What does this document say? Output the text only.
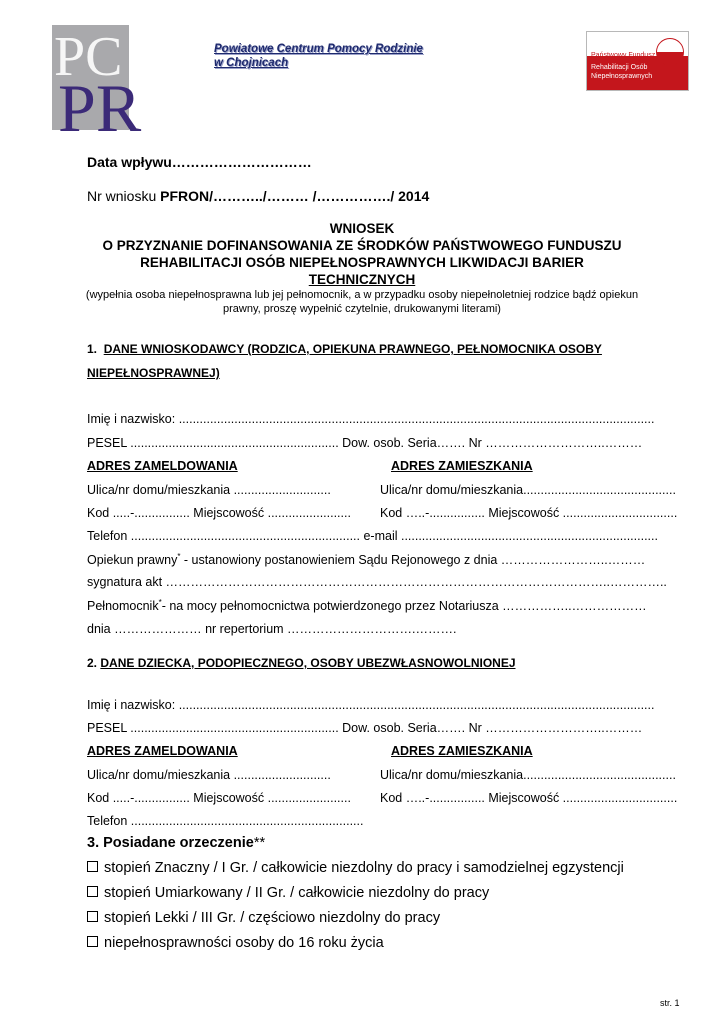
PC
PR
Powiatowe Centrum Pomocy Rodzinie
w Chojnicach
Państwowy Fundusz
Rehabilitacji Osób Niepełnosprawnych
Data wpływu…………………………
Nr wniosku PFRON/………../……… /……………./ 2014
WNIOSEK
O PRZYZNANIE DOFINANSOWANIA ZE ŚRODKÓW PAŃSTWOWEGO FUNDUSZU
REHABILITACJI OSÓB NIEPEŁNOSPRAWNYCH LIKWIDACJI BARIER
TECHNICZNYCH
(wypełnia osoba niepełnosprawna lub jej pełnomocnik, a w przypadku osoby niepełnoletniej rodzice bądź opiekun
prawny, proszę wypełnić czytelnie, drukowanymi literami)
1. DANE WNIOSKODAWCY (RODZICA, OPIEKUNA PRAWNEGO, PEŁNOMOCNIKA OSOBY
NIEPEŁNOSPRAWNEJ)
Imię i nazwisko: .........................................................................................................................................
PESEL ............................................................ Dow. osob. Seria……. Nr ………………………..………
ADRES ZAMELDOWANIA	ADRES ZAMIESZKANIA
Ulica/nr domu/mieszkania ............................	Ulica/nr domu/mieszkania............................................
Kod .....-................ Miejscowość ........................ Kod …..-................ Miejscowość .................................
Telefon .................................................................. e-mail ..........................................................................
Opiekun prawny* - ustanowiony postanowieniem Sądu Rejonowego z dnia ……………………..………
sygnatura akt ……………………………………………………………………………………………..…………..
Pełnomocnik*- na mocy pełnomocnictwa potwierdzonego przez Notariusza ……………..………………
dnia ………………… nr repertorium ………………………….……….
2. DANE DZIECKA, PODOPIECZNEGO, OSOBY UBEZWŁASNOWOLNIONEJ
Imię i nazwisko: .........................................................................................................................................
PESEL ............................................................ Dow. osob. Seria……. Nr ………………………..………
ADRES ZAMELDOWANIA	ADRES ZAMIESZKANIA
Ulica/nr domu/mieszkania ............................	Ulica/nr domu/mieszkania............................................
Kod .....-................ Miejscowość ........................ Kod …..-................ Miejscowość .................................
Telefon ...................................................................
3. Posiadane orzeczenie**
stopień Znaczny / I Gr. / całkowicie niezdolny do pracy i samodzielnej egzystencji
stopień Umiarkowany / II Gr. / całkowicie niezdolny do pracy
stopień Lekki / III Gr. / częściowo niezdolny do pracy
niepełnosprawności osoby do 16 roku życia
str. 1
